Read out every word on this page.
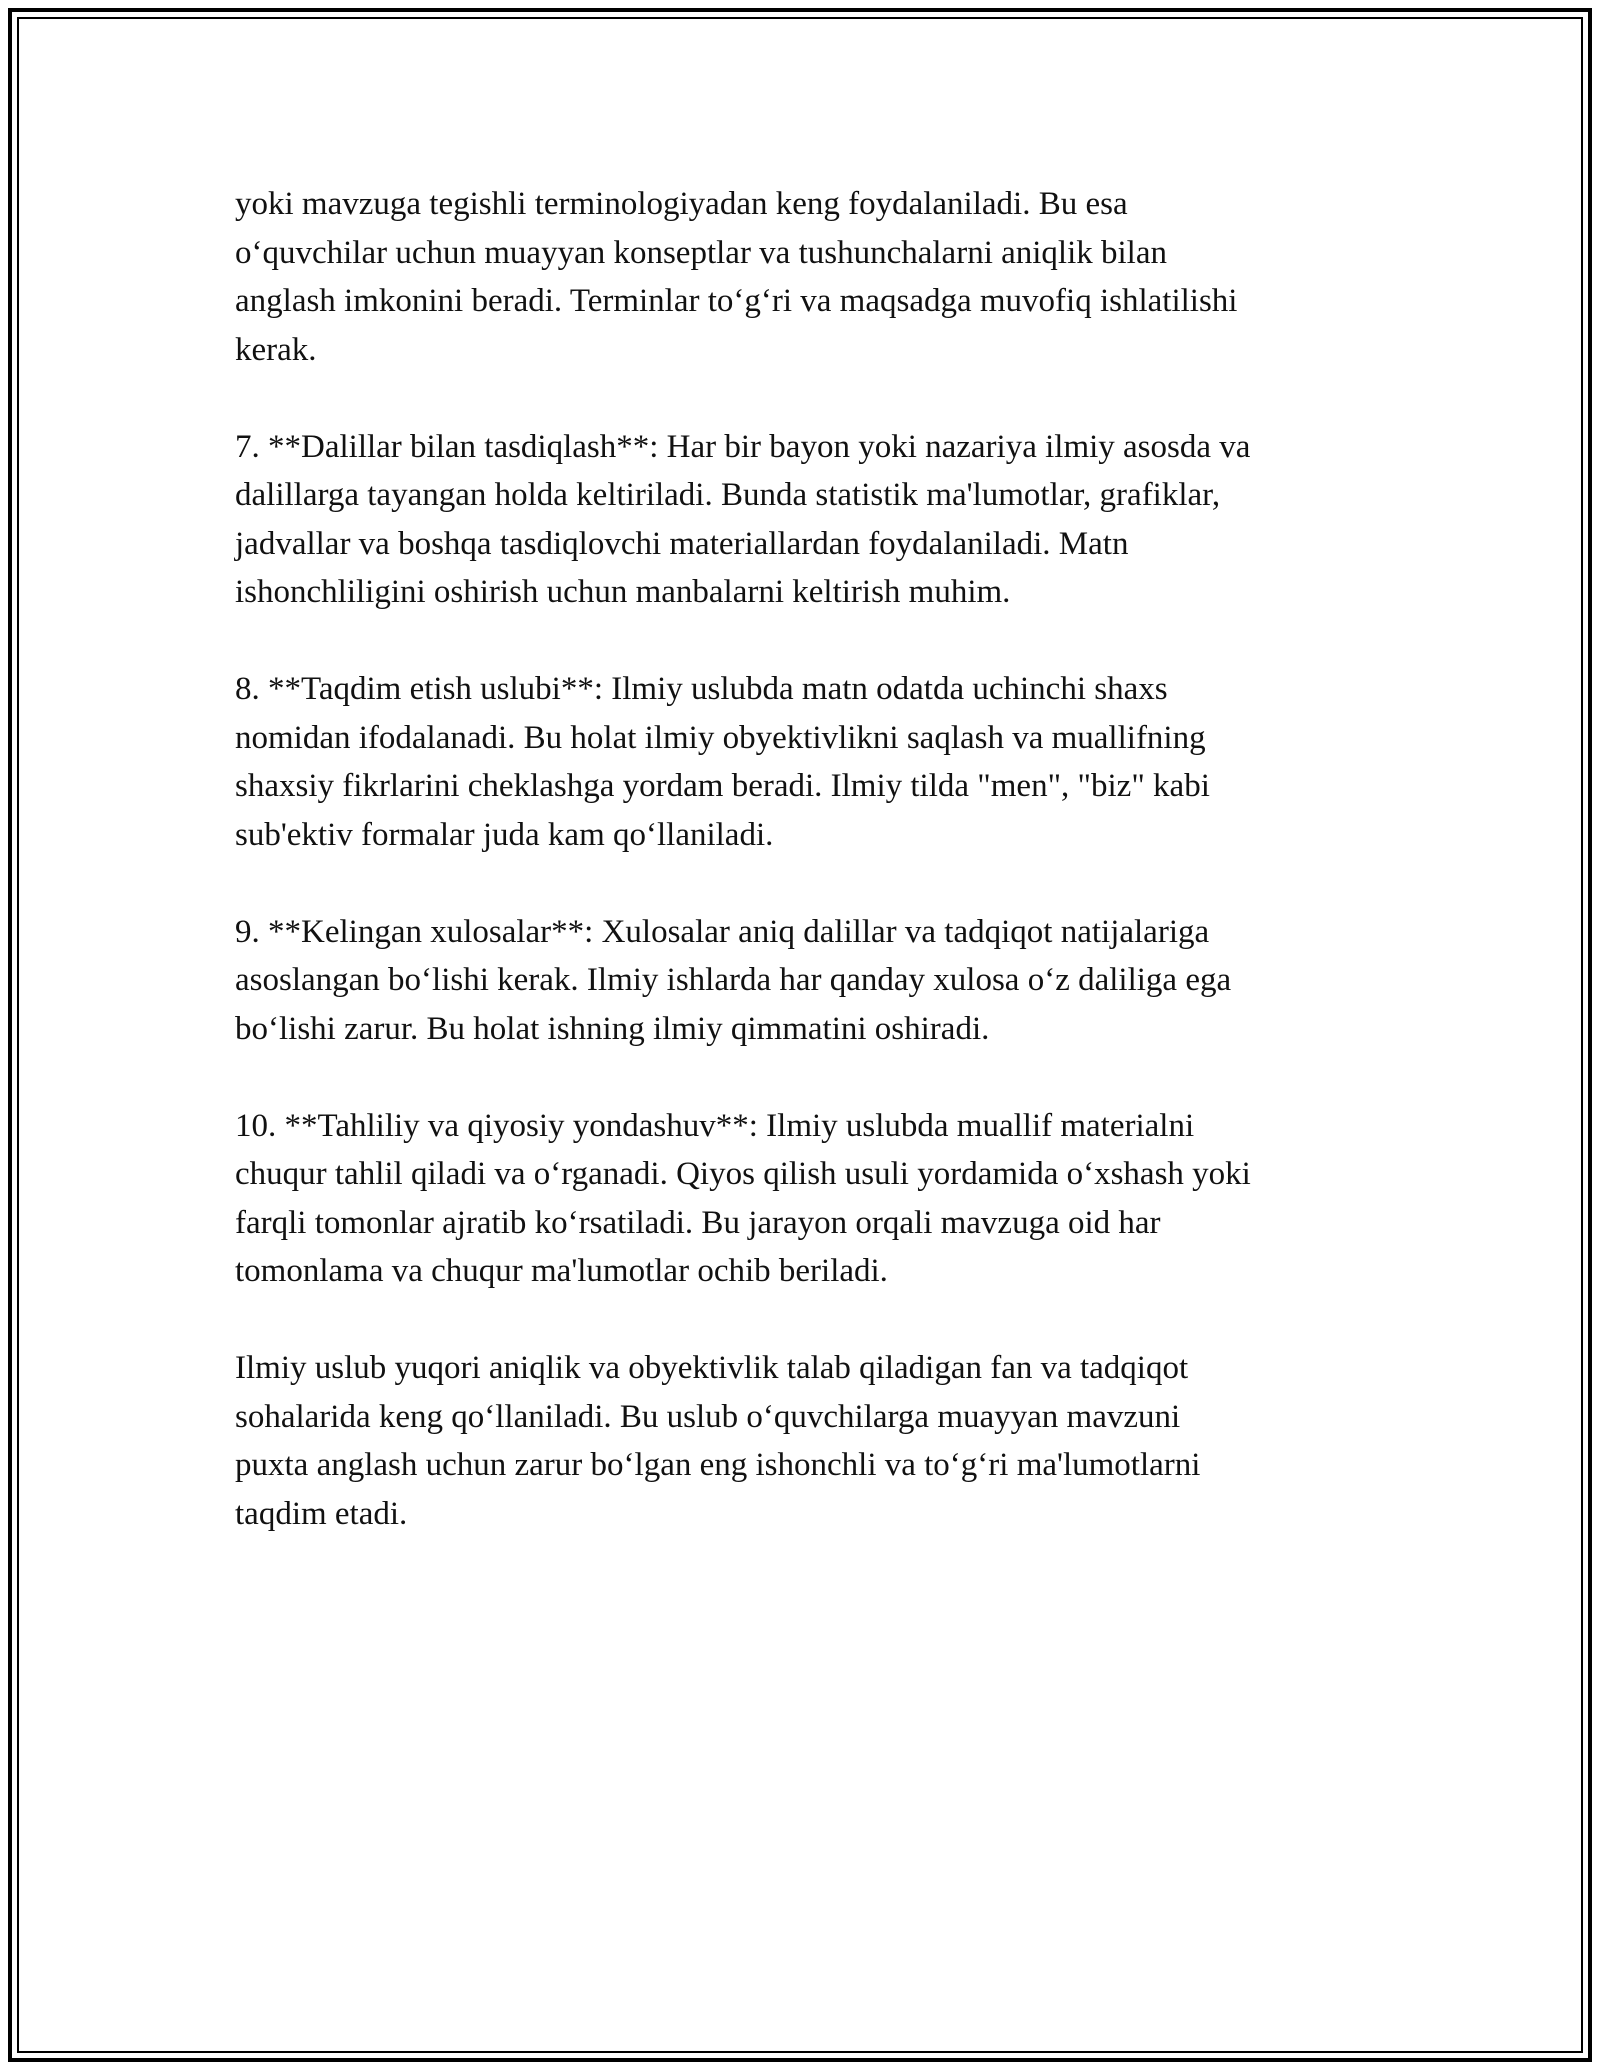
yoki mavzuga tegishli terminologiyadan keng foydalaniladi. Bu esa
o‘quvchilar uchun muayyan konseptlar va tushunchalarni aniqlik bilan
anglash imkonini beradi. Terminlar to‘g‘ri va maqsadga muvofiq ishlatilishi
kerak.

7. **Dalillar bilan tasdiqlash**: Har bir bayon yoki nazariya ilmiy asosda va
dalillarga tayangan holda keltiriladi. Bunda statistik ma'lumotlar, grafiklar,
jadvallar va boshqa tasdiqlovchi materiallardan foydalaniladi. Matn
ishonchliligini oshirish uchun manbalarni keltirish muhim.

8. **Taqdim etish uslubi**: Ilmiy uslubda matn odatda uchinchi shaxs
nomidan ifodalanadi. Bu holat ilmiy obyektivlikni saqlash va muallifning
shaxsiy fikrlarini cheklashga yordam beradi. Ilmiy tilda "men", "biz" kabi
sub'ektiv formalar juda kam qo‘llaniladi.

9. **Kelingan xulosalar**: Xulosalar aniq dalillar va tadqiqot natijalariga
asoslangan bo‘lishi kerak. Ilmiy ishlarda har qanday xulosa o‘z daliliga ega
bo‘lishi zarur. Bu holat ishning ilmiy qimmatini oshiradi.

10. **Tahliliy va qiyosiy yondashuv**: Ilmiy uslubda muallif materialni
chuqur tahlil qiladi va o‘rganadi. Qiyos qilish usuli yordamida o‘xshash yoki
farqli tomonlar ajratib ko‘rsatiladi. Bu jarayon orqali mavzuga oid har
tomonlama va chuqur ma'lumotlar ochib beriladi.

Ilmiy uslub yuqori aniqlik va obyektivlik talab qiladigan fan va tadqiqot
sohalarida keng qo‘llaniladi. Bu uslub o‘quvchilarga muayyan mavzuni
puxta anglash uchun zarur bo‘lgan eng ishonchli va to‘g‘ri ma'lumotlarni
taqdim etadi.
